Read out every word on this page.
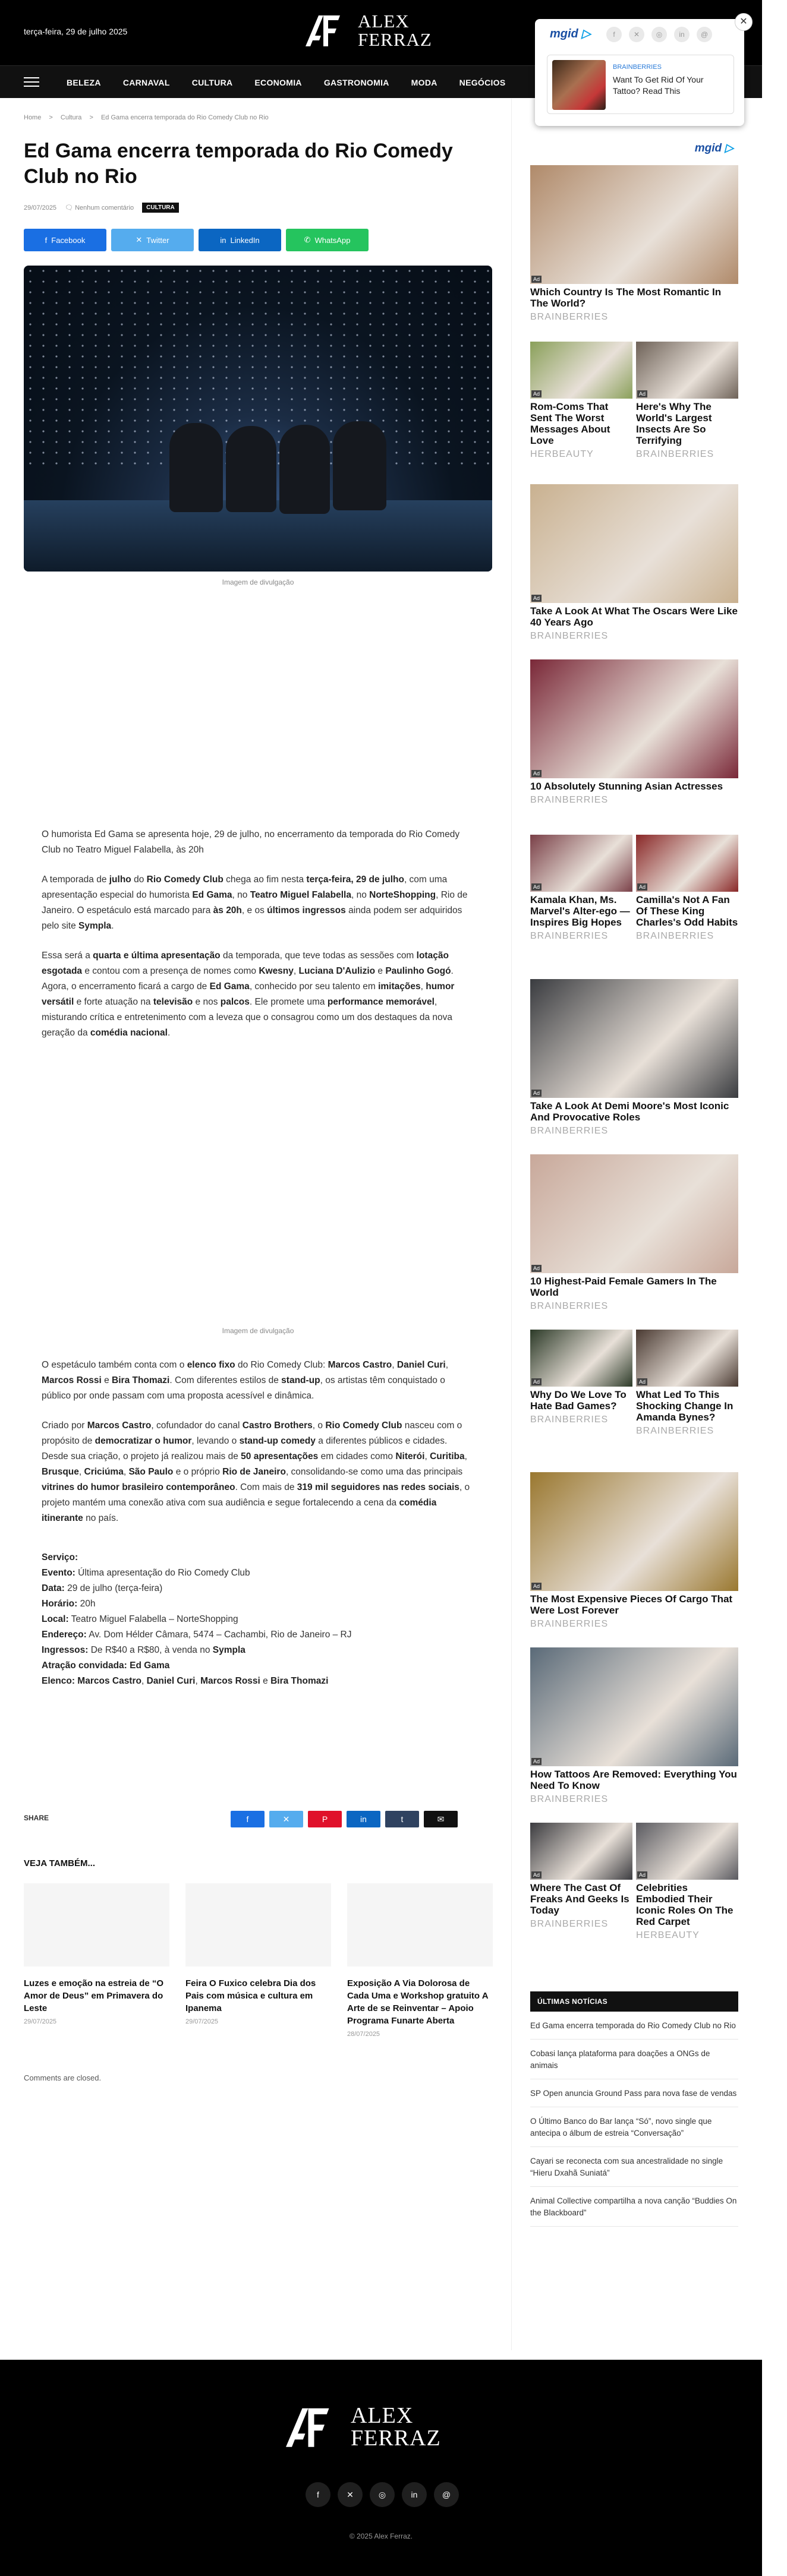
terça-feira, 29 de julho 2025	ALEX
FERRAZ
BELEZA	CARNAVAL	CULTURA	ECONOMIA	GASTRONOMIA	MODA	NEGÓCIOS
✕
mgid ▷	f	✕	◎	in	@
BRAINBERRIES
Want To Get Rid Of Your Tattoo? Read This
Home > Cultura > Ed Gama encerra temporada do Rio Comedy Club no Rio
Ed Gama encerra temporada do Rio Comedy Club no Rio
29/07/2025 🗨 Nenhum comentário	CULTURA
f Facebook	✕ Twitter	in LinkedIn	✆ WhatsApp
Imagem de divulgação

O humorista Ed Gama se apresenta hoje, 29 de julho, no encerramento da temporada do Rio Comedy Club no Teatro Miguel Falabella, às 20h

A temporada de julho do Rio Comedy Club chega ao fim nesta terça-feira, 29 de julho, com uma apresentação especial do humorista Ed Gama, no Teatro Miguel Falabella, no NorteShopping, Rio de Janeiro. O espetáculo está marcado para às 20h, e os últimos ingressos ainda podem ser adquiridos pelo site Sympla.

Essa será a quarta e última apresentação da temporada, que teve todas as sessões com lotação esgotada e contou com a presença de nomes como Kwesny, Luciana D'Aulizio e Paulinho Gogó. Agora, o encerramento ficará a cargo de Ed Gama, conhecido por seu talento em imitações, humor versátil e forte atuação na televisão e nos palcos. Ele promete uma performance memorável, misturando crítica e entretenimento com a leveza que o consagrou como um dos destaques da nova geração da comédia nacional.

Imagem de divulgação

O espetáculo também conta com o elenco fixo do Rio Comedy Club: Marcos Castro, Daniel Curi, Marcos Rossi e Bira Thomazi. Com diferentes estilos de stand-up, os artistas têm conquistado o público por onde passam com uma proposta acessível e dinâmica.

Criado por Marcos Castro, cofundador do canal Castro Brothers, o Rio Comedy Club nasceu com o propósito de democratizar o humor, levando o stand-up comedy a diferentes públicos e cidades. Desde sua criação, o projeto já realizou mais de 50 apresentações em cidades como Niterói, Curitiba, Brusque, Criciúma, São Paulo e o próprio Rio de Janeiro, consolidando-se como uma das principais vitrines do humor brasileiro contemporâneo. Com mais de 319 mil seguidores nas redes sociais, o projeto mantém uma conexão ativa com sua audiência e segue fortalecendo a cena da comédia itinerante no país.

Serviço:
Evento: Última apresentação do Rio Comedy Club
Data: 29 de julho (terça-feira)
Horário: 20h
Local: Teatro Miguel Falabella – NorteShopping
Endereço: Av. Dom Hélder Câmara, 5474 – Cachambi, Rio de Janeiro – RJ
Ingressos: De R$40 a R$80, à venda no Sympla
Atração convidada: Ed Gama
Elenco: Marcos Castro, Daniel Curi, Marcos Rossi e Bira Thomazi

SHARE	f	✕	P	in	t	✉
VEJA TAMBÉM...
Luzes e emoção na estreia de “O Amor de Deus” em Primavera do Leste
29/07/2025
Feira O Fuxico celebra Dia dos Pais com música e cultura em Ipanema
29/07/2025
Exposição A Via Dolorosa de Cada Uma e Workshop gratuito A Arte de se Reinventar – Apoio Programa Funarte Aberta
28/07/2025
Comments are closed.
mgid ▷
Ad
Which Country Is The Most Romantic In The World?
BRAINBERRIES
Ad
Rom-Coms That Sent The Worst Messages About Love
HERBEAUTY
Ad
Here's Why The World's Largest Insects Are So Terrifying
BRAINBERRIES
Ad
Take A Look At What The Oscars Were Like 40 Years Ago
BRAINBERRIES
Ad
10 Absolutely Stunning Asian Actresses
BRAINBERRIES
Ad
Kamala Khan, Ms. Marvel's Alter-ego — Inspires Big Hopes
BRAINBERRIES
Ad
Camilla's Not A Fan Of These King Charles's Odd Habits
BRAINBERRIES
Ad
Take A Look At Demi Moore's Most Iconic And Provocative Roles
BRAINBERRIES
Ad
10 Highest-Paid Female Gamers In The World
BRAINBERRIES
Ad
Why Do We Love To Hate Bad Games?
BRAINBERRIES
Ad
What Led To This Shocking Change In Amanda Bynes?
BRAINBERRIES
Ad
The Most Expensive Pieces Of Cargo That Were Lost Forever
BRAINBERRIES
Ad
How Tattoos Are Removed: Everything You Need To Know
BRAINBERRIES
Ad
Where The Cast Of Freaks And Geeks Is Today
BRAINBERRIES
Ad
Celebrities Embodied Their Iconic Roles On The Red Carpet
HERBEAUTY
ÚLTIMAS NOTÍCIAS
Ed Gama encerra temporada do Rio Comedy Club no Rio
Cobasi lança plataforma para doações a ONGs de animais
SP Open anuncia Ground Pass para nova fase de vendas
O Último Banco do Bar lança “Só”, novo single que antecipa o álbum de estreia “Conversação”
Cayari se reconecta com sua ancestralidade no single “Hieru Dxahã Suniatá”
Animal Collective compartilha a nova canção “Buddies On the Blackboard”
ALEX
FERRAZ
f	✕	◎	in	@
© 2025 Alex Ferraz.
